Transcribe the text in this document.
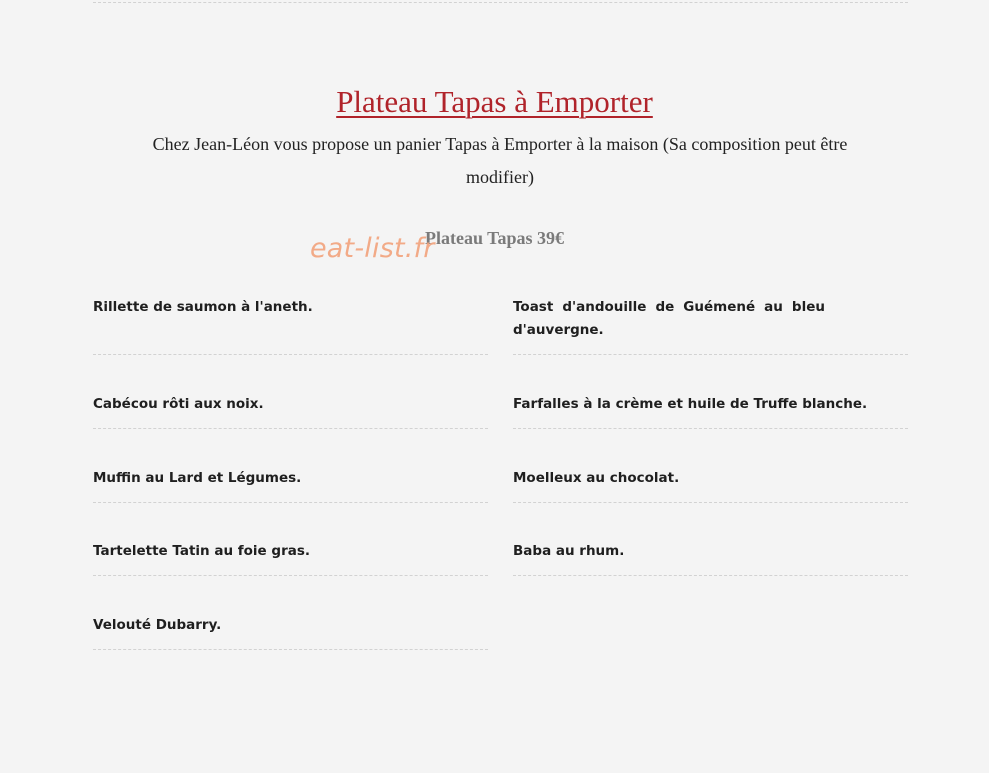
Plateau Tapas à Emporter

Chez Jean-Léon vous propose un panier Tapas à Emporter à la maison (Sa composition peut être modifier)

Plateau Tapas 39€
eat-list.fr
Rillette de saumon à l'aneth.
Cabécou rôti aux noix.
Muffin au Lard et Légumes.
Tartelette Tatin au foie gras.
Velouté Dubarry.
Toast d'andouille de Guémené au bleu d'auvergne.
Farfalles à la crème et huile de Truffe blanche.
Moelleux au chocolat.
Baba au rhum.
